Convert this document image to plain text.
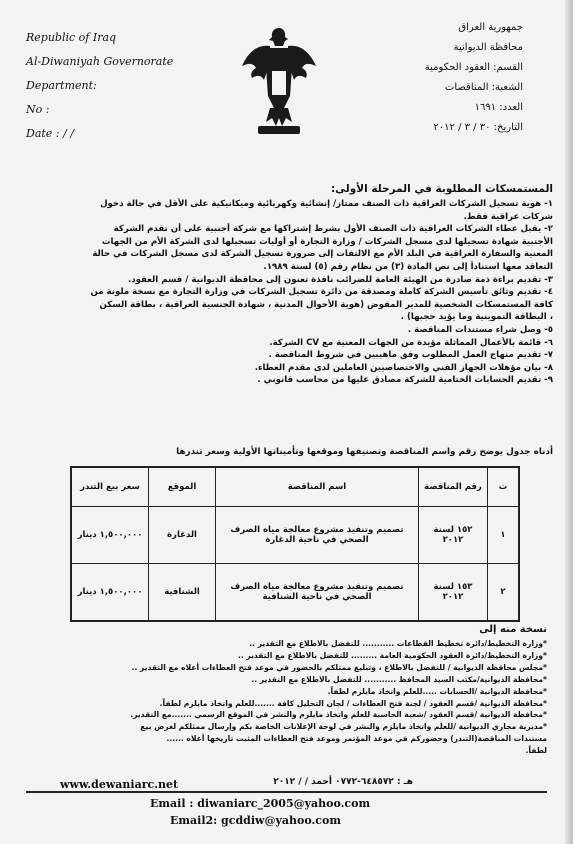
Republic of Iraq
Al-Diwaniyah Governorate
Department:
No :
Date : / /
جمهورية العراق
محافظة الديوانية
القسم: العقود الحكومية
الشعبة: المناقصات
العدد: ١٦٩١
التاريخ: ٣٠ / ٣ / ٢٠١٢
المستمسكات المطلوبة في المرحلة الأولى:
١- هوية تسجيل الشركات العراقية ذات الصنف ممتاز/ إنشائية وكهربائية وميكانيكية على الأقل في حالة دخول
شركات عراقية فقط.
٢- يقبل عطاء الشركات العراقية ذات الصنف الأول بشرط إشتراكها مع شركة أجنبية على أن تقدم الشركة
الأجنبية شهادة تسجيلها لدى مسجل الشركات / وزارة التجارة أو أوليات تسجيلها لدى الشركة الأم من الجهات
المعنية والسفارة العراقية في البلد الأم مع الالتفات إلى ضرورة تسجيل الشركة لدى مسجل الشركات في حالة
التعاقد معها استناداً إلى نص المادة (٣) من نظام رقم (٥) لسنة ١٩٨٩.
٣- تقديم براءة ذمة صادرة من الهيئة العامة للضرائب نافذة تعنون إلى محافظة الديوانية / قسم العقود.
٤- تقديم وثائق تأسيس الشركة كاملة ومصدقة من دائرة تسجيل الشركات في وزارة التجارة مع نسخة ملونة من
كافة المستمسكات الشخصية للمدير المفوض (هوية الأحوال المدنية ، شهادة الجنسية العراقية ، بطاقة السكن
، البطاقة التموينية وما يؤيد حجبها) .
٥- وصل شراء مستندات المناقصة .
٦- قائمة بالأعمال المماثلة مؤيدة من الجهات المعنية مع CV الشركة.
٧- تقديم منهاج العمل المطلوب وفق ماهيبين في شروط المناقصة .
٨- بيان مؤهلات الجهاز الفني والاختصاصيين العاملين لدى مقدم العطاء.
٩- تقديم الحسابات الختامية للشركة مصادق عليها من محاسب قانوني .
أدناه جدول يوضح رقم واسم المناقصة وتصنيفها وموقعها وتأميناتها الأولية وسعر تندرها
ت	رقم المناقصة	اسم المناقصة	الموقع	سعر بيع التندر
١	١٥٢ لسنة ٢٠١٢	تصميم وتنفيذ مشروع معالجة مياه الصرف الصحي في ناحية الدغارة	الدغارة	١,٥٠٠,٠٠٠ دينار
٢	١٥٣ لسنة ٢٠١٢	تصميم وتنفيذ مشروع معالجة مياه الصرف الصحي في ناحية الشنافية	الشنافية	١,٥٠٠,٠٠٠ دينار
نسخة منه إلى
*وزارة التخطيط/دائرة تخطيط القطاعات ........... للتفضل بالاطلاع مع التقدير ..
*وزارة التخطيط/دائرة العقود الحكومية العامة ......... للتفضل بالاطلاع مع التقدير ..
*مجلس محافظة الديوانية / للتفضل بالاطلاع ، وتبليغ ممثلكم بالحضور في موعد فتح العطاءات أعلاه مع التقدير ..
*محافظة الديوانية/مكتب السيد المحافظ ........... للتفضل بالاطلاع مع التقدير ..
*محافظة الديوانية /الحسابات .....للعلم واتخاذ مايلزم لطفاً.
*محافظة الديوانية /قسم العقود / لجنة فتح العطاءات / لجان التحليل كافة .......للعلم واتخاذ مايلزم لطفاً.
*محافظة الديوانية /قسم العقود /شعبة الحاسبة للعلم واتخاذ مايلزم والنشر في الموقع الرسمي .......مع التقدير.
*مديرية مجاري الديوانية /للعلم واتخاذ مايلزم والنشر في لوحة الإعلانات الخاصة بكم وإرسال ممثلكم لغرض بيع
مستندات المناقصة(التندر) وحضوركم في موعد المؤتمر وموعد فتح العطاءات المثبت تاريخها أعلاه ......
لطفاً.
هـ : ٦٤٨٥٧٢-٠٧٧٢ أحمد / / ٢٠١٢
www.dewaniarc.net
Email : diwaniarc_2005@yahoo.com
Email2: gcddiw@yahoo.com
